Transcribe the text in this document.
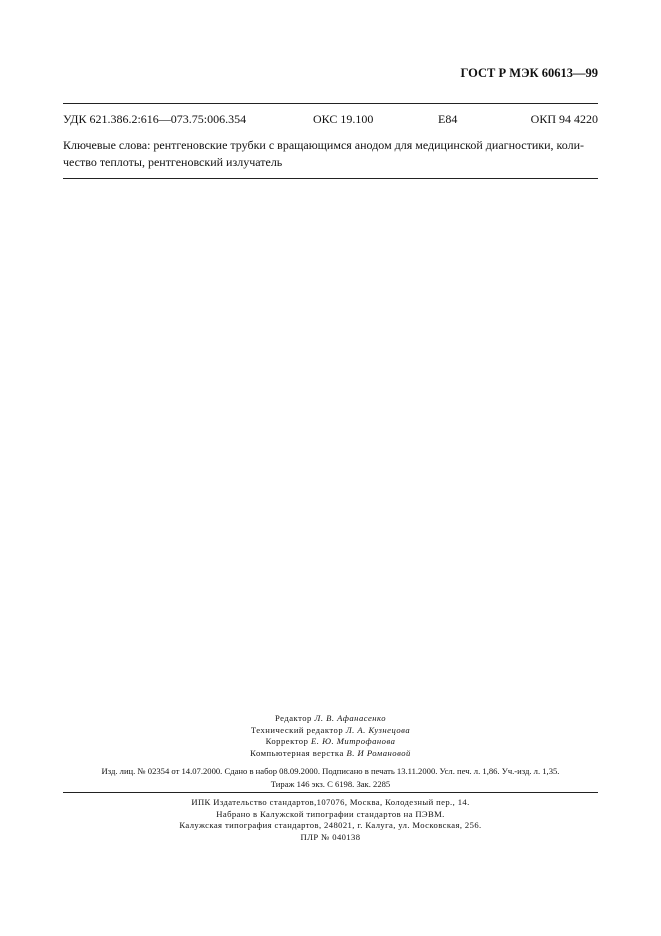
ГОСТ Р МЭК 60613—99
УДК 621.386.2:616—073.75:006.354	ОКС 19.100	Е84	ОКП 94 4220
Ключевые слова: рентгеновские трубки с вращающимся анодом для медицинской диагностики, коли-
чество теплоты, рентгеновский излучатель
Редактор Л. В. Афанасенко
Технический редактор Л. А. Кузнецова
Корректор Е. Ю. Митрофанова
Компьютерная верстка В. И Романовой
Изд. лиц. № 02354 от 14.07.2000. Сдано в набор 08.09.2000. Подписано в печать 13.11.2000. Усл. печ. л. 1,86. Уч.-изд. л. 1,35.
Тираж 146 экз. С 6198. Зак. 2285
ИПК Издательство стандартов,107076, Москва, Колодезный пер., 14.
Набрано в Калужской типографии стандартов на ПЭВМ.
Калужская типография стандартов, 248021, г. Калуга, ул. Московская, 256.
ПЛР № 040138
